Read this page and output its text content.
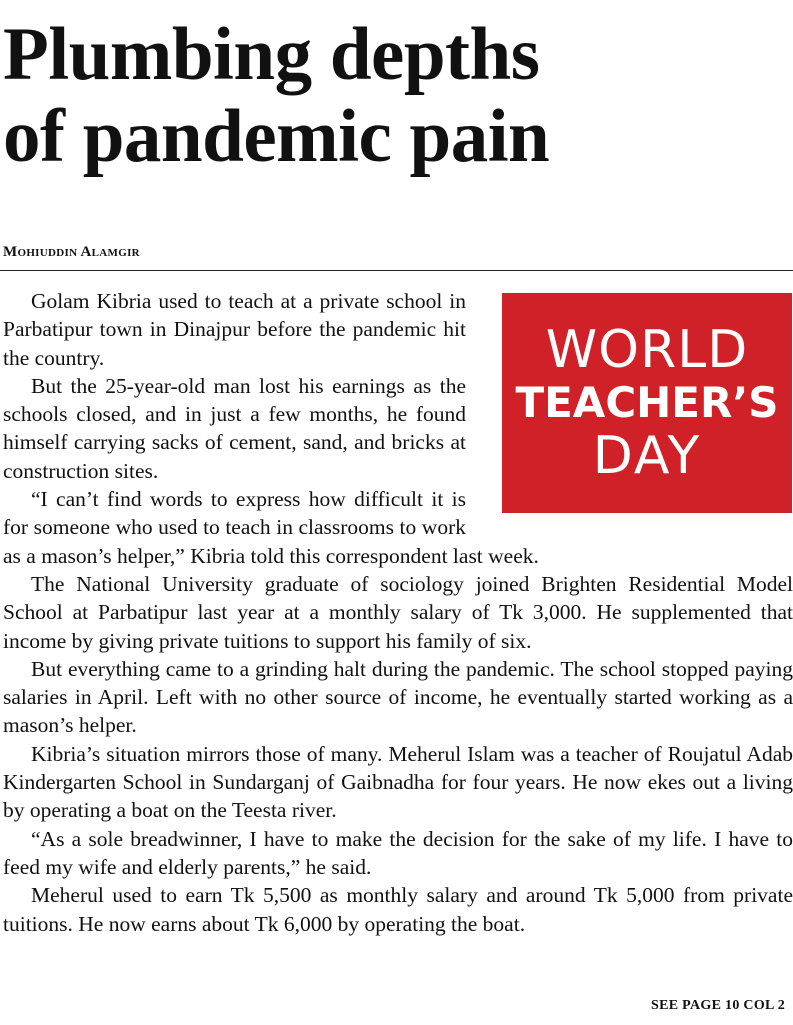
Plumbing depths
of pandemic pain
Mohiuddin Alamgir
WORLD
TEACHER’S
DAY

Golam Kibria used to teach at a private school in Parbatipur town in Dinajpur before the pandemic hit the country.

But the 25-year-old man lost his earnings as the schools closed, and in just a few months, he found himself carrying sacks of cement, sand, and bricks at construction sites.

“I can’t find words to express how difficult it is for someone who used to teach in classrooms to work as a mason’s helper,” Kibria told this correspondent last week.

The National University graduate of sociology joined Brighten Residential Model School at Parbatipur last year at a monthly salary of Tk 3,000. He supplemented that income by giving private tuitions to support his family of six.

But everything came to a grinding halt during the pandemic. The school stopped paying salaries in April. Left with no other source of income, he eventually started working as a mason’s helper.

Kibria’s situation mirrors those of many. Meherul Islam was a teacher of Roujatul Adab Kindergarten School in Sundarganj of Gaibnadha for four years. He now ekes out a living by operating a boat on the Teesta river.

“As a sole breadwinner, I have to make the decision for the sake of my life. I have to feed my wife and elderly parents,” he said.

Meherul used to earn Tk 5,500 as monthly salary and around Tk 5,000 from private tuitions. He now earns about Tk 6,000 by operating the boat.

SEE PAGE 10 COL 2
